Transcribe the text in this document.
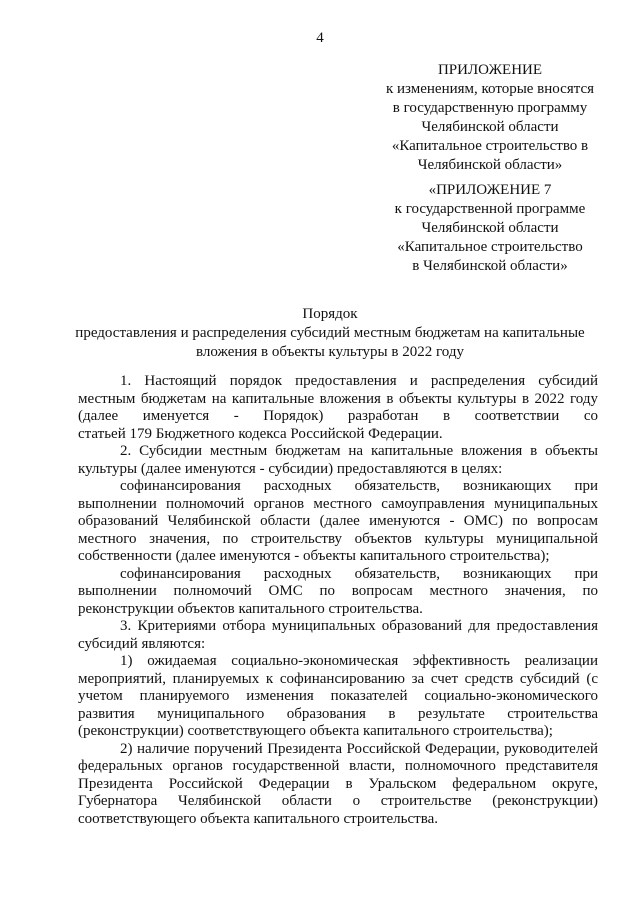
4
ПРИЛОЖЕНИЕ
к изменениям, которые вносятся
в государственную программу
Челябинской области
«Капитальное строительство в
Челябинской области»
«ПРИЛОЖЕНИЕ 7
к государственной программе
Челябинской области
«Капитальное строительство
в Челябинской области»
Порядок
предоставления и распределения субсидий местным бюджетам на капитальные
вложения в объекты культуры в 2022 году

1. Настоящий порядок предоставления и распределения субсидий

местным бюджетам на капитальные вложения в объекты культуры в 2022 году

(далее именуется - Порядок) разработан в соответствии со

статьей 179 Бюджетного кодекса Российской Федерации.

2. Субсидии местным бюджетам на капитальные вложения в объекты

культуры (далее именуются - субсидии) предоставляются в целях:

софинансирования расходных обязательств, возникающих при

выполнении полномочий органов местного самоуправления муниципальных

образований Челябинской области (далее именуются - ОМС) по вопросам

местного значения, по строительству объектов культуры муниципальной

собственности (далее именуются - объекты капитального строительства);

софинансирования расходных обязательств, возникающих при

выполнении полномочий ОМС по вопросам местного значения, по

реконструкции объектов капитального строительства.

3. Критериями отбора муниципальных образований для предоставления

субсидий являются:

1) ожидаемая социально-экономическая эффективность реализации

мероприятий, планируемых к софинансированию за счет средств субсидий (с

учетом планируемого изменения показателей социально-экономического

развития муниципального образования в результате строительства

(реконструкции) соответствующего объекта капитального строительства);

2) наличие поручений Президента Российской Федерации, руководителей

федеральных органов государственной власти, полномочного представителя

Президента Российской Федерации в Уральском федеральном округе,

Губернатора Челябинской области о строительстве (реконструкции)

соответствующего объекта капитального строительства.
